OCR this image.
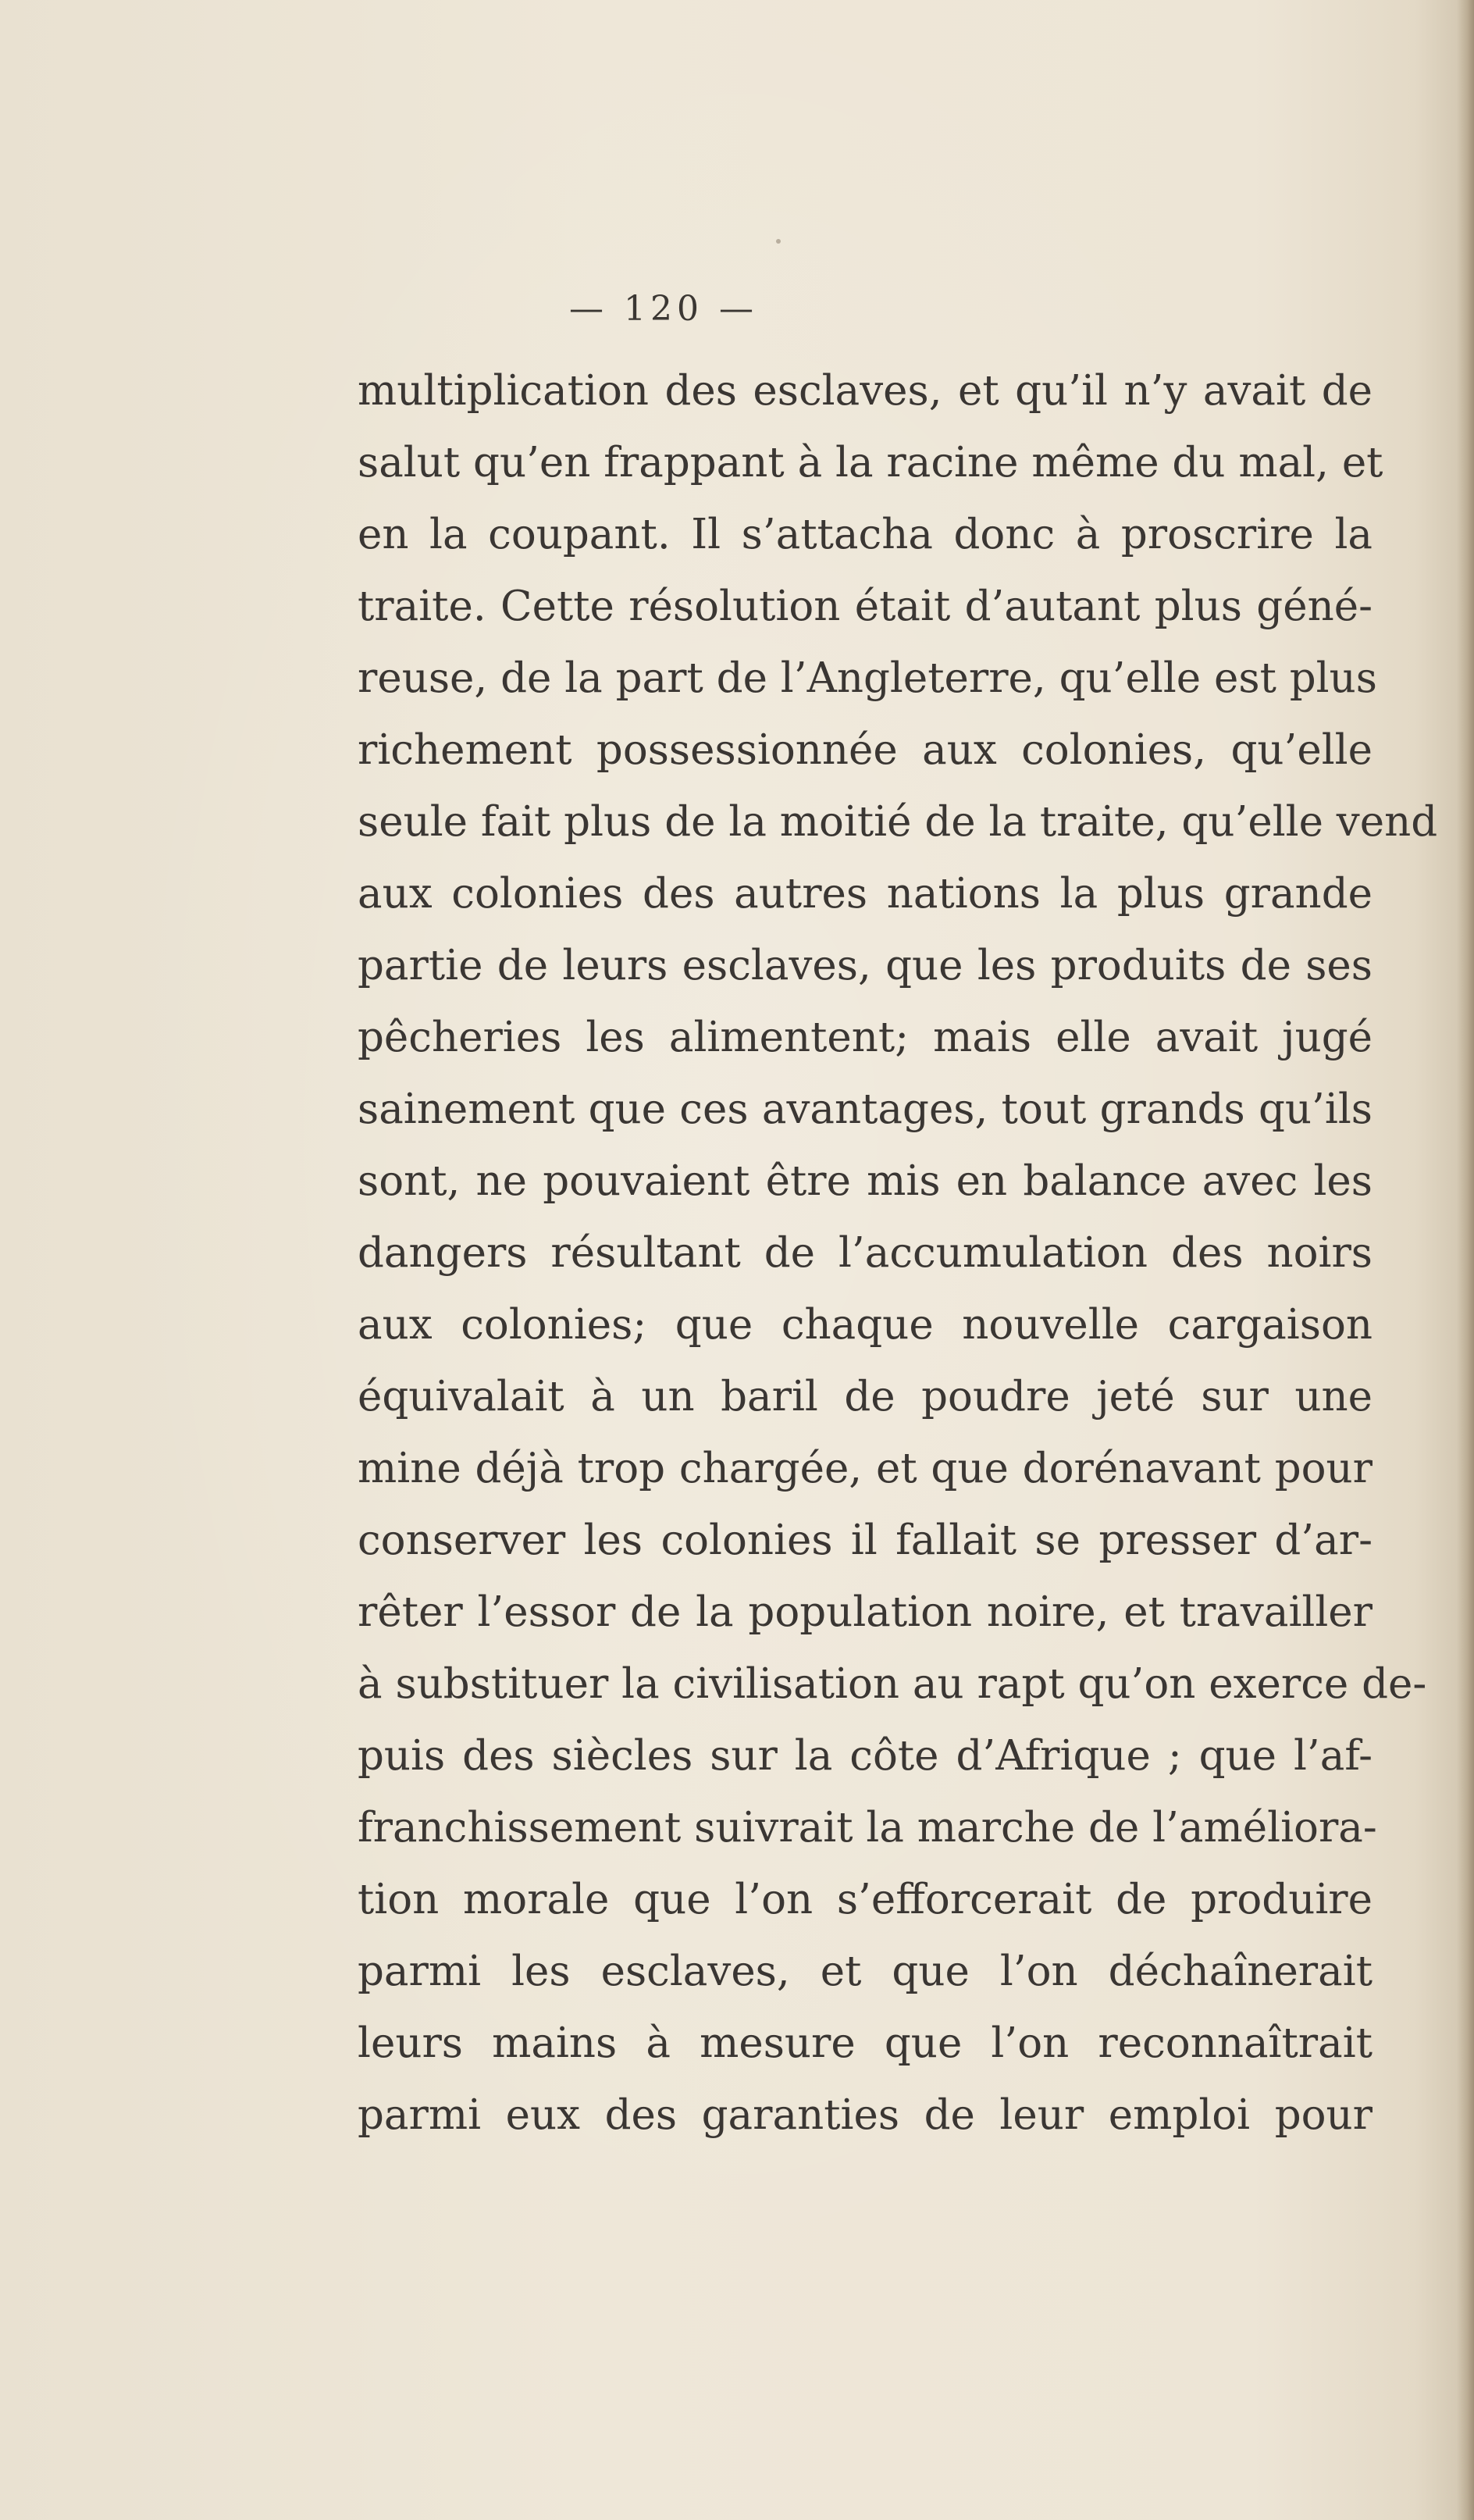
— 120 —
multiplication des esclaves, et qu’il n’y avait de
salut qu’en frappant à la racine même du mal, et
en la coupant. Il s’attacha donc à proscrire la
traite. Cette résolution était d’autant plus géné-
reuse, de la part de l’Angleterre, qu’elle est plus
richement possessionnée aux colonies, qu’elle
seule fait plus de la moitié de la traite, qu’elle vend
aux colonies des autres nations la plus grande
partie de leurs esclaves, que les produits de ses
pêcheries les alimentent; mais elle avait jugé
sainement que ces avantages, tout grands qu’ils
sont, ne pouvaient être mis en balance avec les
dangers résultant de l’accumulation des noirs
aux colonies; que chaque nouvelle cargaison
équivalait à un baril de poudre jeté sur une
mine déjà trop chargée, et que dorénavant pour
conserver les colonies il fallait se presser d’ar-
rêter l’essor de la population noire, et travailler
à substituer la civilisation au rapt qu’on exerce de-
puis des siècles sur la côte d’Afrique ; que l’af-
franchissement suivrait la marche de l’améliora-
tion morale que l’on s’efforcerait de produire
parmi les esclaves, et que l’on déchaînerait
leurs mains à mesure que l’on reconnaîtrait
parmi eux des garanties de leur emploi pour
